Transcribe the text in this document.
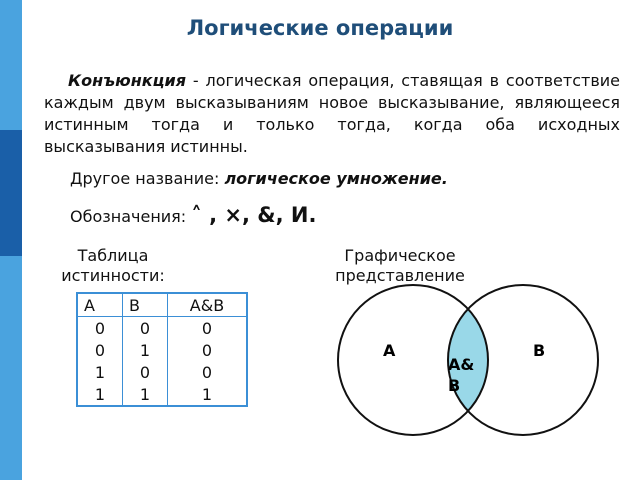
Логические операции
Конъюнкция - логическая операция, ставящая в соответствие каждым двум высказываниям новое высказывание, являющееся истинным тогда и только тогда, когда оба исходных высказывания истинны.
Другое название: логическое умножение.
Обозначения: ˄ , ×, &, И.
Таблица истинности:
Графическое представление
А	В	А&В
0	0	0
0	1	0
1	0	0
1	1	1
А	В
А&
В
